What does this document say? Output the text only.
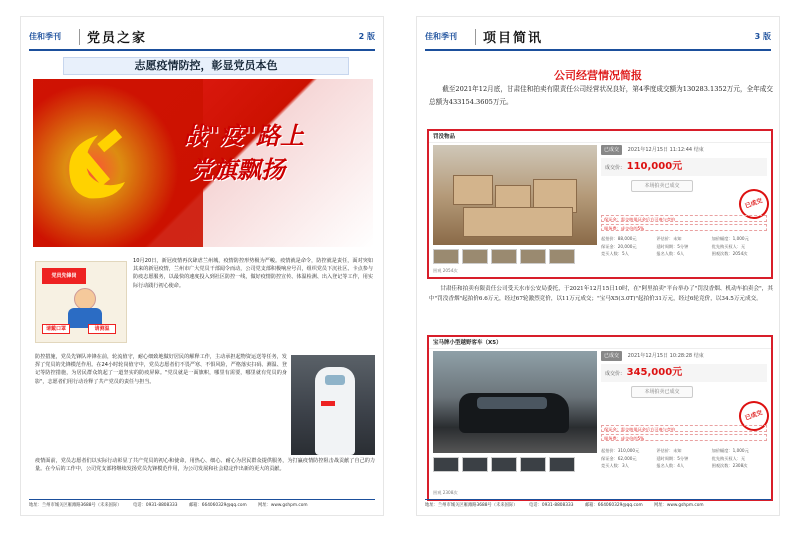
佳和季刊 党员之家	2 版
志愿疫情防控，彰显党员本色
战"疫"路上
党旗飘扬
党员先锋岗
请戴口罩	请测温
10月20日，新冠疫情再次肆虐兰州城，疫情防控形势极为严峻。疫情就是命令，防控就是责任，面对突如其来的新冠疫情，兰州市广大党员干部闻令而动，公司党支部积极响应号召，组织党员下沉社区、卡点参与防疫志愿服务，以最快的速度投入到社区防控一线，做好疫情防控宣传、体温检测、出入登记等工作，用实际行动践行初心使命。
防控措施，党员先锋队冲锋在前，轮流值守，耐心细致地做好居民的解释工作，主动承担起物资运送等任务，发挥了党员的先锋模范作用。在24小时轮岗值守中，党员志愿者们不畏严寒、不惧风险，严格落实扫码、测温、登记等防控措施，为居民群众筑起了一道坚实的防疫屏障。"党员就是一面旗帜，哪里有需要，哪里就有党员的身影"，志愿者们用行动诠释了共产党员的责任与担当。
疫情面前，党员志愿者们以实际行动彰显了共产党员的初心和使命，用热心、细心、耐心为居民群众提供服务，为打赢疫情防控阻击战贡献了自己的力量。在今后的工作中，公司党支部将继续发扬党员先锋模范作用，为公司发展和社会稳定作出新的更大的贡献。
地址：兰州市城关区雁滩路3688号（未来国际）	电话：0931-8808333	邮箱：664060329@qq.com	网址：www.gshpm.com
佳和季刊 项目简讯	3 版
公司经营情况简报
截至2021年12月底，甘肃佳和拍卖有限责任公司经营状况良好，第4季度成交额为130283.1352万元，全年成交总额为433154.3605万元。
罚没物品
围观 2054次
已成交 2021年12月15日 11:12:44 结束
成交价： 110,000元
本场拍卖已成交
已成交
保证金：需交纳保证金后方可参与竞拍
服务费：成交价的5%
起拍价：88,000元	评估价：未知	加价幅度：1,000元
保证金：20,000元	延时周期：5分钟	优先购买权人：无
竞买人数：5人	报名人数：6人	围观次数：2054次
甘肃佳和拍卖有限责任公司受天水市公安局委托，于2021年12月15日10时，在"阿里拍卖"平台举办了"罚没香烟、机动车拍卖会"，其中"罚没香烟"起拍价6.6万元，经过67轮激烈竞价，以11万元成交；"宝马X5(3.0T)"起拍价31万元，经过6轮竞价，以34.5万元成交。
宝马牌小型越野客车（X5）
围观 2308次
已成交 2021年12月15日 10:28:28 结束
成交价： 345,000元
本场拍卖已成交
已成交
保证金：需交纳保证金后方可参与竞拍
服务费：成交价的5%
起拍价：310,000元	评估价：未知	加价幅度：1,000元
保证金：62,000元	延时周期：5分钟	优先购买权人：无
竞买人数：3人	报名人数：4人	围观次数：2308次
地址：兰州市城关区雁滩路3688号（未来国际）	电话：0931-8808333	邮箱：664060329@qq.com	网址：www.gshpm.com
